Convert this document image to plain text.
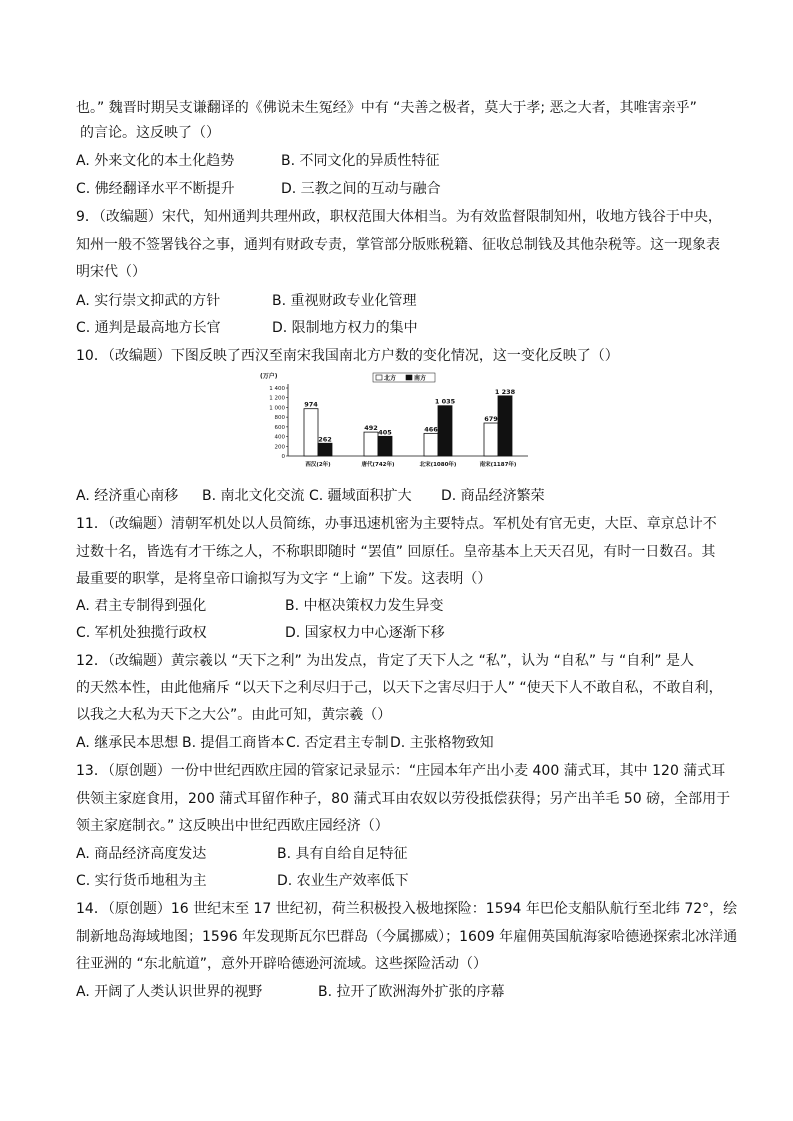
也。” 魏晋时期吴支谦翻译的《佛说未生冤经》中有 “夫善之极者，莫大于孝; 恶之大者，其唯害亲乎”
的言论。这反映了（）
A. 外来文化的本土化趋势	B. 不同文化的异质性特征
C. 佛经翻译水平不断提升	D. 三教之间的互动与融合
9．（改编题）宋代，知州通判共理州政，职权范围大体相当。为有效监督限制知州，收地方钱谷于中央，
知州一般不签署钱谷之事，通判有财政专责，掌管部分版账税籍、征收总制钱及其他杂税等。这一现象表
明宋代（）
A. 实行崇文抑武的方针	B. 重视财政专业化管理
C. 通判是最高地方长官	D. 限制地方权力的集中
10．（改编题）下图反映了西汉至南宋我国南北方户数的变化情况，这一变化反映了（）
(万户)
0
200
400
600
800
1 000
1 200
1 400
北方	南方
974
262
西汉(2年)
492
405
唐代(742年)
466
1 035
北宋(1080年)
679
1 238
南宋(1187年)
A. 经济重心南移 B. 南北文化交流 C. 疆域面积扩大 D. 商品经济繁荣
11．（改编题）清朝军机处以人员简练，办事迅速机密为主要特点。军机处有官无吏，大臣、章京总计不
过数十名，皆选有才干练之人，不称职即随时 “罢值” 回原任。皇帝基本上天天召见，有时一日数召。其
最重要的职掌，是将皇帝口谕拟写为文字 “上谕” 下发。这表明（）
A. 君主专制得到强化	B. 中枢决策权力发生异变
C. 军机处独揽行政权	D. 国家权力中心逐渐下移
12．（改编题）黄宗羲以 “天下之利” 为出发点，肯定了天下人之 “私”，认为 “自私” 与 “自利” 是人
的天然本性，由此他痛斥 “以天下之利尽归于己，以天下之害尽归于人” “使天下人不敢自私，不敢自利，
以我之大私为天下之大公”。由此可知，黄宗羲（）
A. 继承民本思想 B. 提倡工商皆本 C. 否定君主专制 D. 主张格物致知
13．（原创题）一份中世纪西欧庄园的管家记录显示：“庄园本年产出小麦 400 蒲式耳，其中 120 蒲式耳
供领主家庭食用，200 蒲式耳留作种子，80 蒲式耳由农奴以劳役抵偿获得；另产出羊毛 50 磅，全部用于
领主家庭制衣。” 这反映出中世纪西欧庄园经济（）
A. 商品经济高度发达	B. 具有自给自足特征
C. 实行货币地租为主	D. 农业生产效率低下
14．（原创题）16 世纪末至 17 世纪初，荷兰积极投入极地探险：1594 年巴伦支船队航行至北纬 72°，绘
制新地岛海域地图；1596 年发现斯瓦尔巴群岛（今属挪威）；1609 年雇佣英国航海家哈德逊探索北冰洋通
往亚洲的 “东北航道”，意外开辟哈德逊河流域。这些探险活动（）
A. 开阔了人类认识世界的视野	B. 拉开了欧洲海外扩张的序幕
